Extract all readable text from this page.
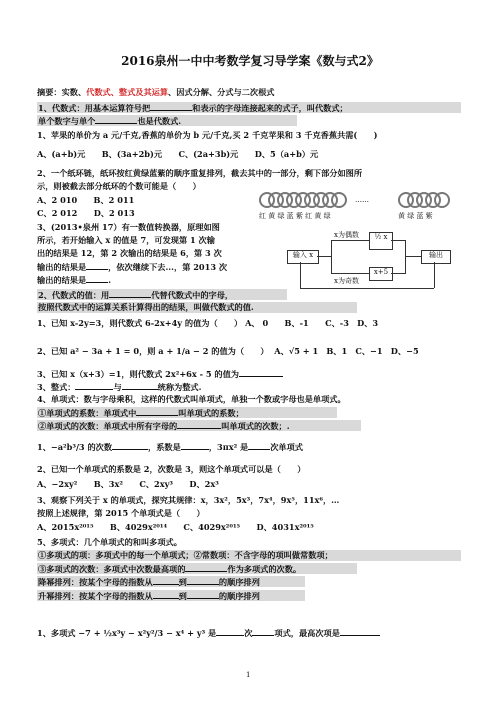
2016泉州一中中考数学复习导学案《数与式2》
摘要：实数、代数式、整式及其运算、因式分解、分式与二次根式
1、代数式：用基本运算符号把	和表示的字母连接起来的式子，叫代数式；
单个数字与单个	也是代数式.
1、苹果的单价为 a 元/千克,香蕉的单价为 b 元/千克,买 2 千克苹果和 3 千克香蕉共需(　　)
A、(a+b)元　　B、(3a+2b)元　　C、(2a+3b)元　　D、5（a+b）元
2、一个纸环链，纸环按红黄绿蓝紫的顺序重复排列，截去其中的一部分，剩下部分如图所
示，则被截去部分纸环的个数可能是（　　）
A、2 010　　B、2 011
C、2 012　　D、2 013
……
红 黄 绿 蓝 紫 红 黄 绿	黄 绿 蓝 紫
3、(2013•泉州 17）有一数值转换器，原理如图
所示，若开始输入 x 的值是 7，可发现第 1 次输
出的结果是 12，第 2 次输出的结果是 6，第 3 次
输出的结果是	，依次继续下去...，第 2013 次
输出的结果是	.
输入 x
½ x
x+5
输出
x为偶数
x为奇数
2、代数式的值：用	代替代数式中的字母，
按照代数式中的运算关系计算得出的结果，叫做代数式的值.
1、已知 x-2y=3，则代数式 6-2x+4y 的值为（　　） A、 0　　B、-1　　C、-3　D、3
2、已知 a² − 3a + 1 = 0，则 a + 1/a − 2 的值为（　　） A、√5 + 1　B、1　C、−1　D、−5
3、已知 x（x+3）=1，则代数式 2x²+6x - 5 的值为
3、整式：	与	统称为整式.
4、单项式：数与字母乘积，这样的代数式叫单项式，单独一个数或字母也是单项式。
①单项式的系数：单项式中	叫单项式的系数；
②单项式的次数：单项式中所有字母的	叫单项式的次数；.
1、−a²b³/3 的次数	，系数是	，3πx² 是	次单项式
2、已知一个单项式的系数是 2，次数是 3，则这个单项式可以是（　　）
A、−2xy²　　B、3x²　　C、2xy³　　D、2x³
3、观察下列关于 x 的单项式，探究其规律：x，3x²，5x³，7x⁴，9x⁵，11x⁶，…
按照上述规律，第 2015 个单项式是（　　）
A、2015x²⁰¹⁵　　B、4029x²⁰¹⁴　　C、4029x²⁰¹⁵　　D、4031x²⁰¹⁵
5、多项式：几个单项式的和叫多项式。
①多项式的项：多项式中的每一个单项式；②常数项：不含字母的项叫做常数项；
③多项式的次数：多项式中次数最高项的	作为多项式的次数。
降幂排列：按某个字母的指数从	到	的顺序排列
升幂排列：按某个字母的指数从	到	的顺序排列
1、多项式 −7 + ½x³y − x²y²/3 − x⁴ + y³ 是	次	项式，最高次项是
1
